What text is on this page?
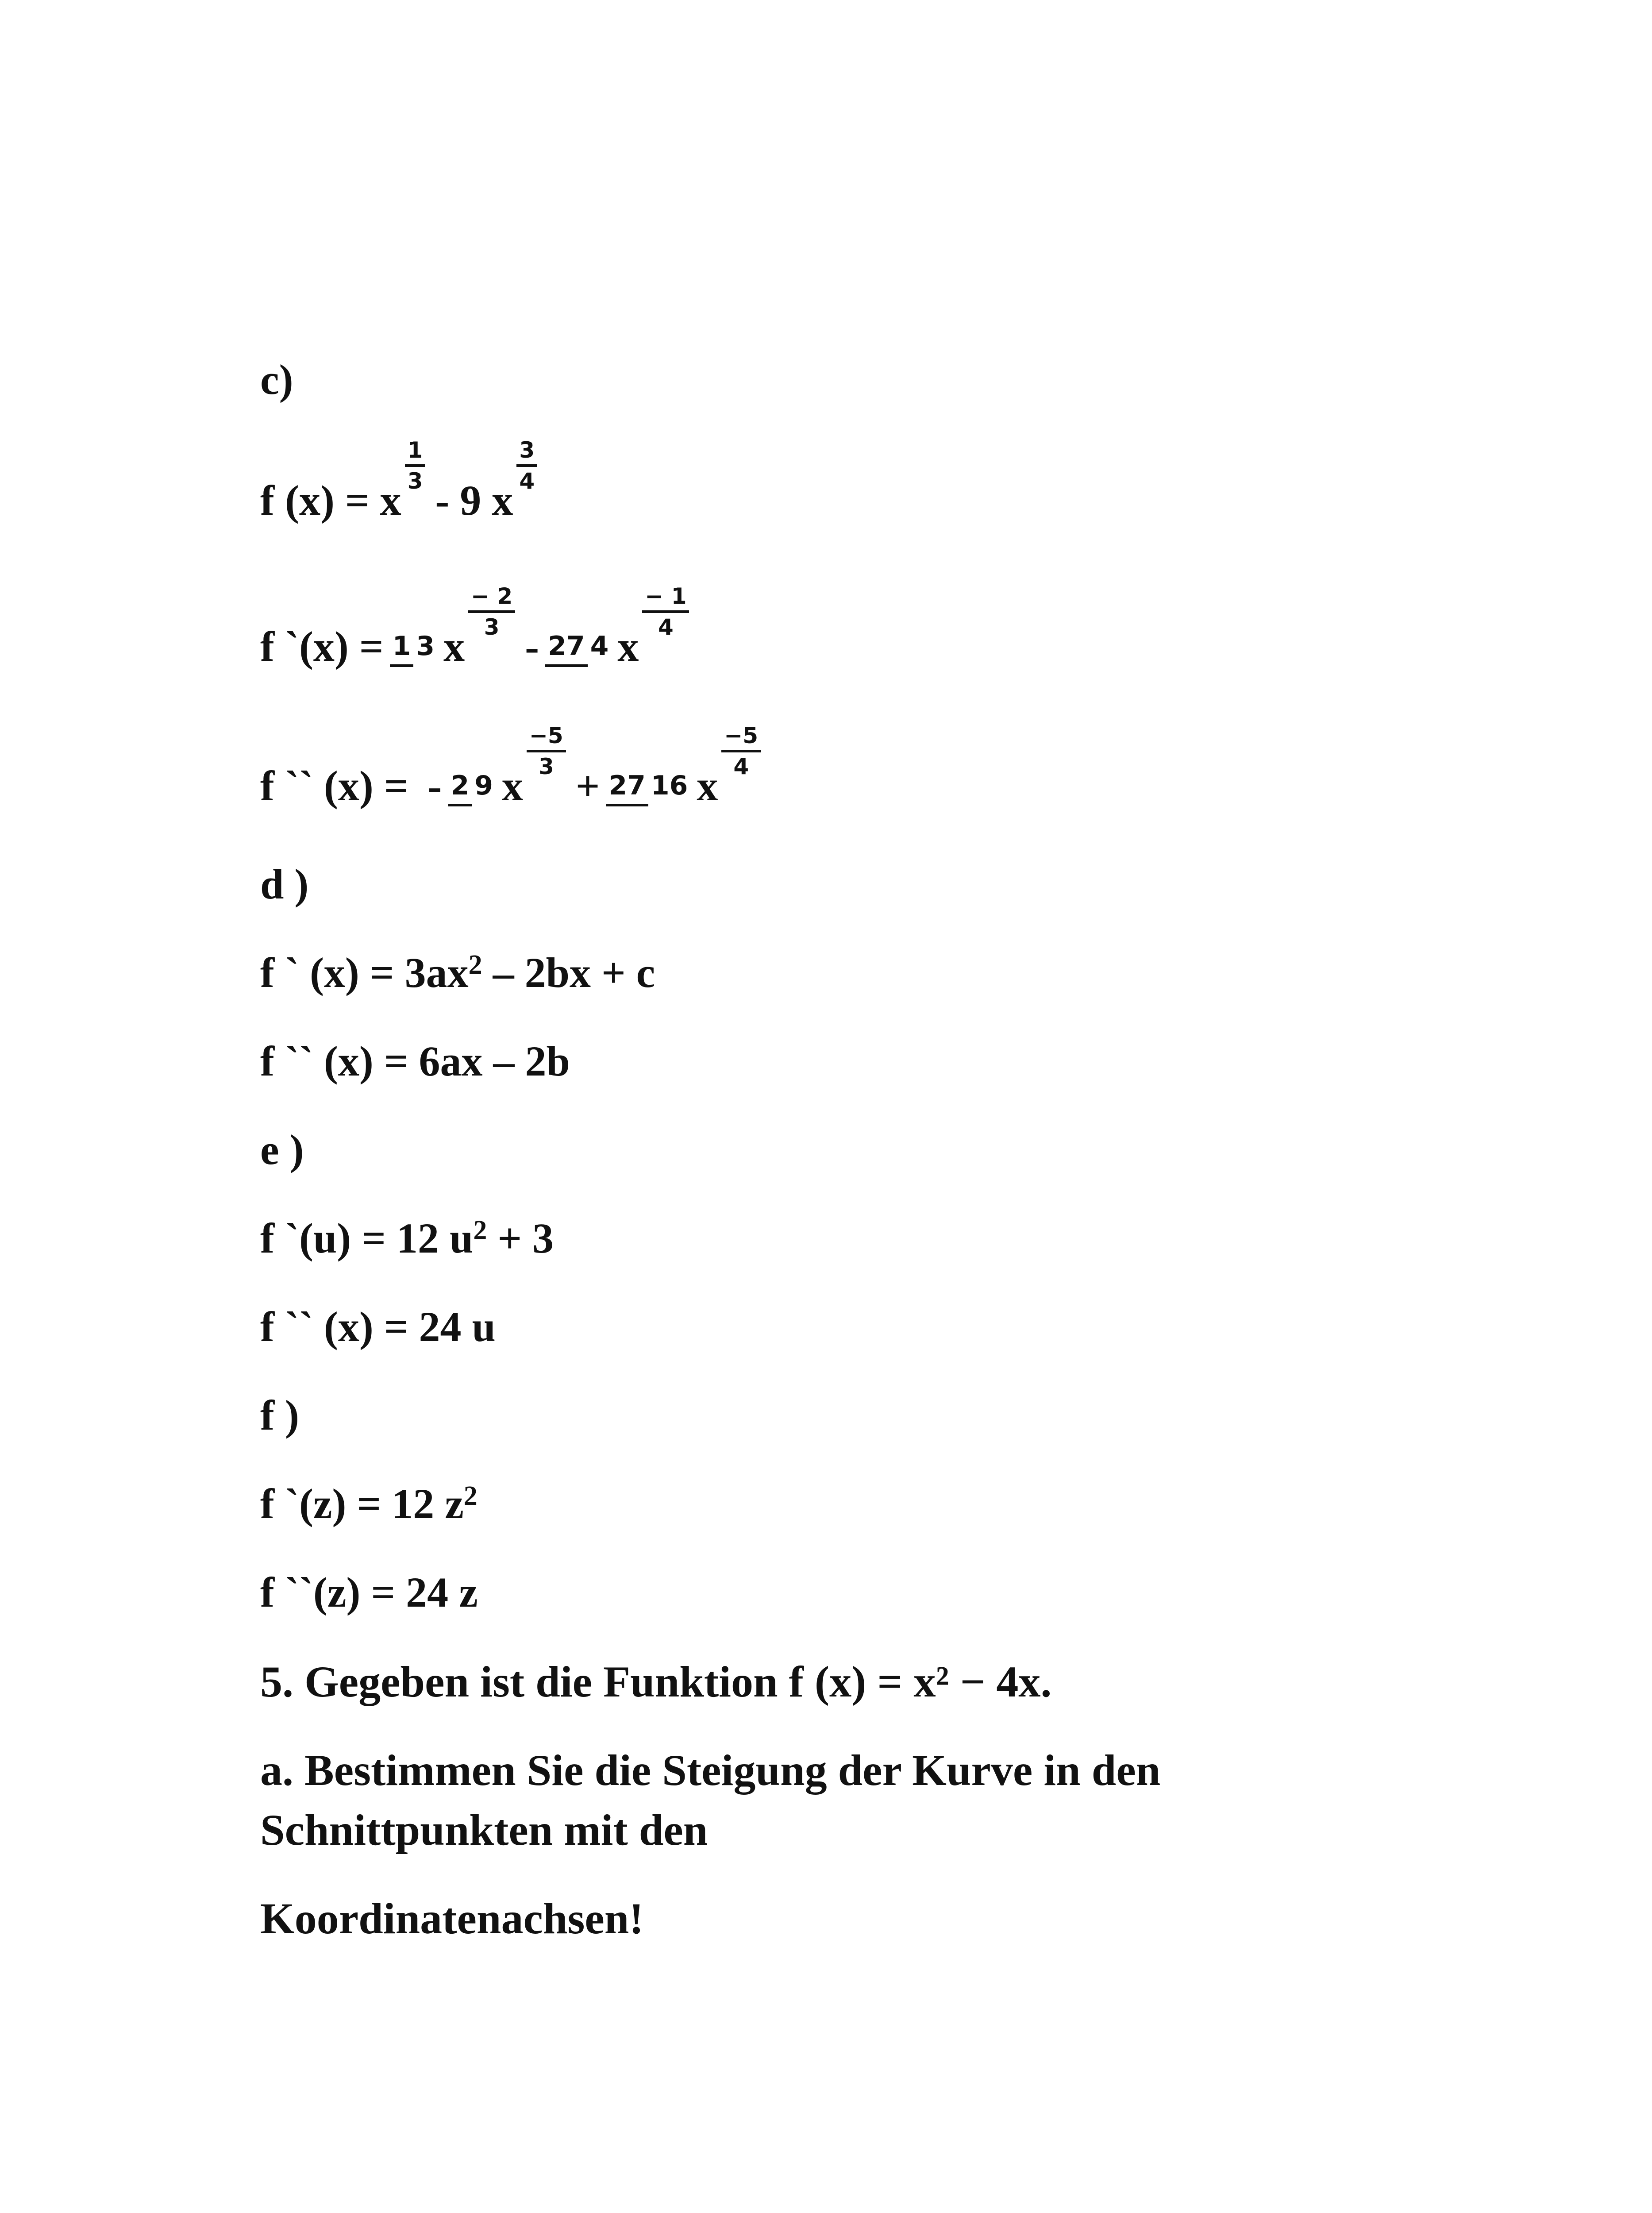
c)
f (x) = x
$\frac{1}{3}$
- 9 x
$\frac{3}{4}$
f `(x) = 1 3 x
$\frac{- 2}{3}$
- 27 4 x
$\frac{- 1}{4}$
f `` (x) = - 2 9 x
$\frac{-5}{3}$
+ 27 16 x
$\frac{-5}{4}$
d )
f ` $(x) = 3ax^2 - 2bx + c$
f `` (x) = 6ax – 2b
e )
f `(u) = 12 $u^2 + 3$
f `` (x) = 24 u
f )
f `(z) = 12 $z^2$
f ``(z) = 24 z
5. Gegeben ist die Funktion f (x) = x² − 4x.
a. Bestimmen Sie die Steigung der Kurve in den
Schnittpunkten mit den
Koordinatenachsen!
